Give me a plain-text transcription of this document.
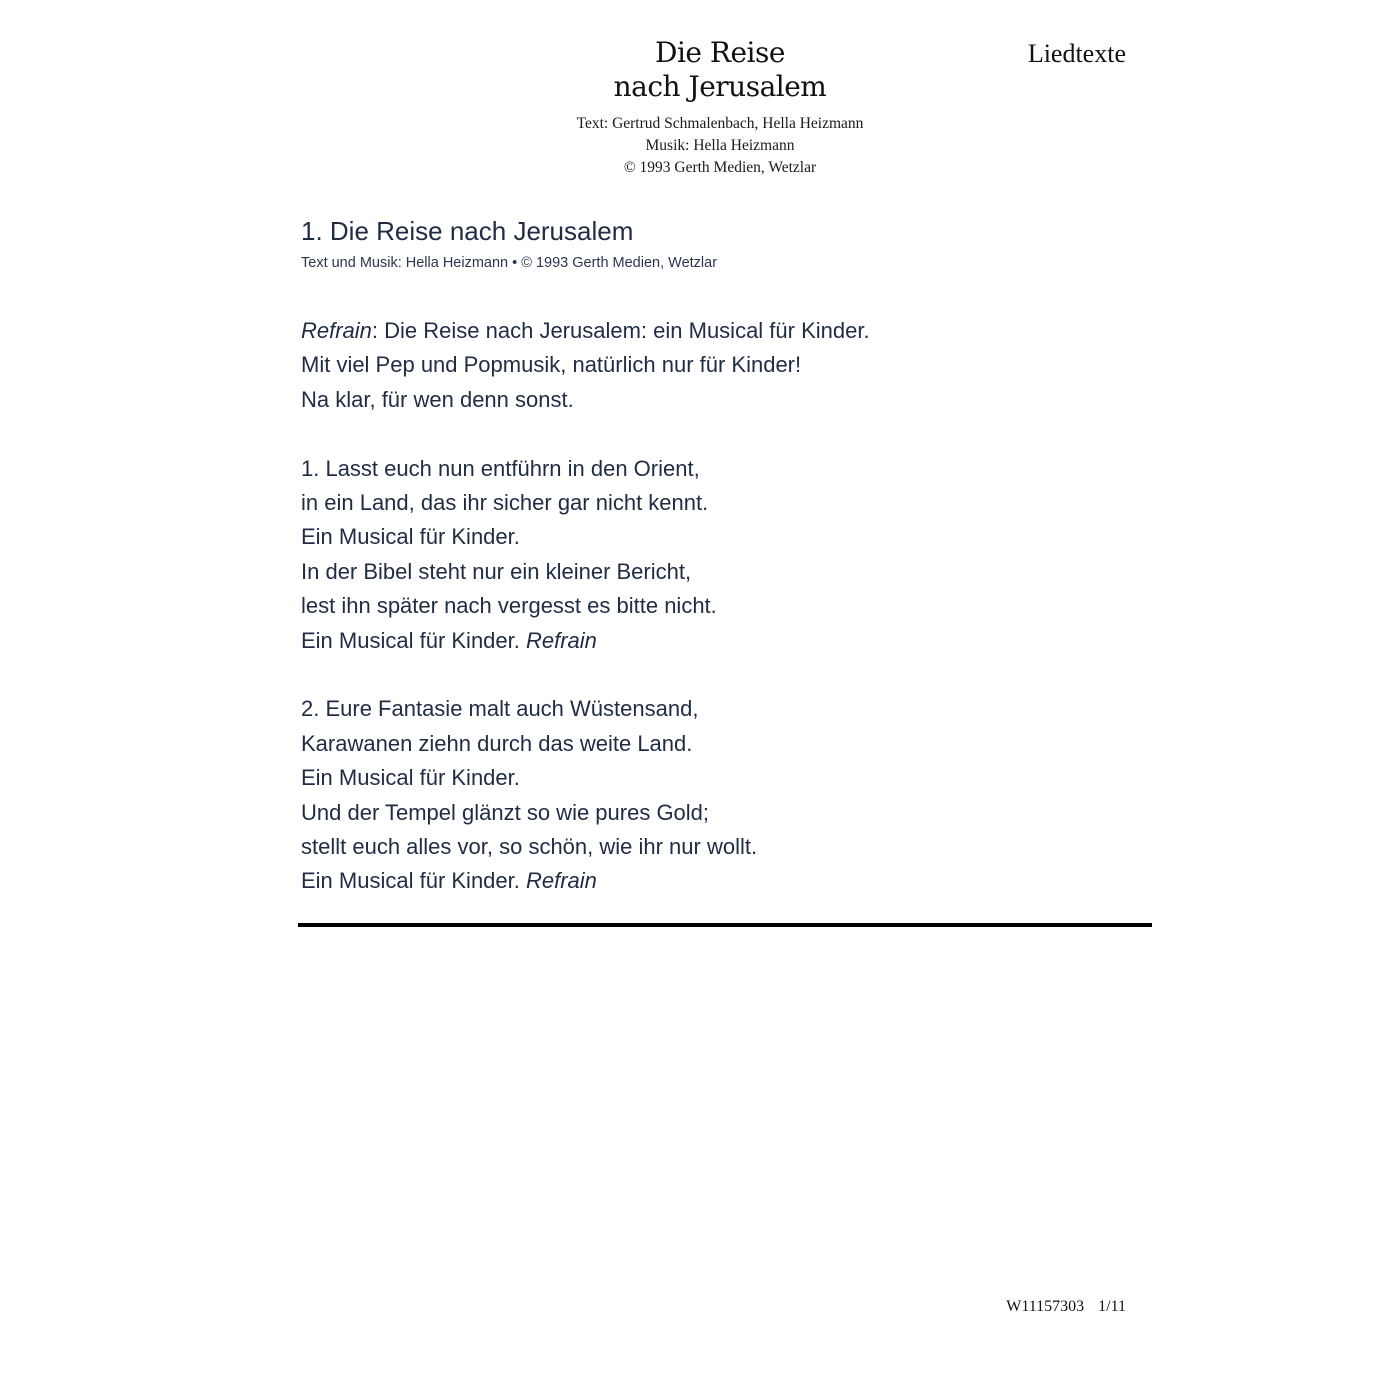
Die Reise
nach Jerusalem
Liedtexte
Text: Gertrud Schmalenbach, Hella Heizmann
Musik: Hella Heizmann
© 1993 Gerth Medien, Wetzlar
1. Die Reise nach Jerusalem
Text und Musik: Hella Heizmann • © 1993 Gerth Medien, Wetzlar
Refrain: Die Reise nach Jerusalem: ein Musical für Kinder.
Mit viel Pep und Popmusik, natürlich nur für Kinder!
Na klar, für wen denn sonst.
1. Lasst euch nun entführn in den Orient,
in ein Land, das ihr sicher gar nicht kennt.
Ein Musical für Kinder.
In der Bibel steht nur ein kleiner Bericht,
lest ihn später nach vergesst es bitte nicht.
Ein Musical für Kinder. Refrain
2. Eure Fantasie malt auch Wüstensand,
Karawanen ziehn durch das weite Land.
Ein Musical für Kinder.
Und der Tempel glänzt so wie pures Gold;
stellt euch alles vor, so schön, wie ihr nur wollt.
Ein Musical für Kinder. Refrain
W11157303 1/11
